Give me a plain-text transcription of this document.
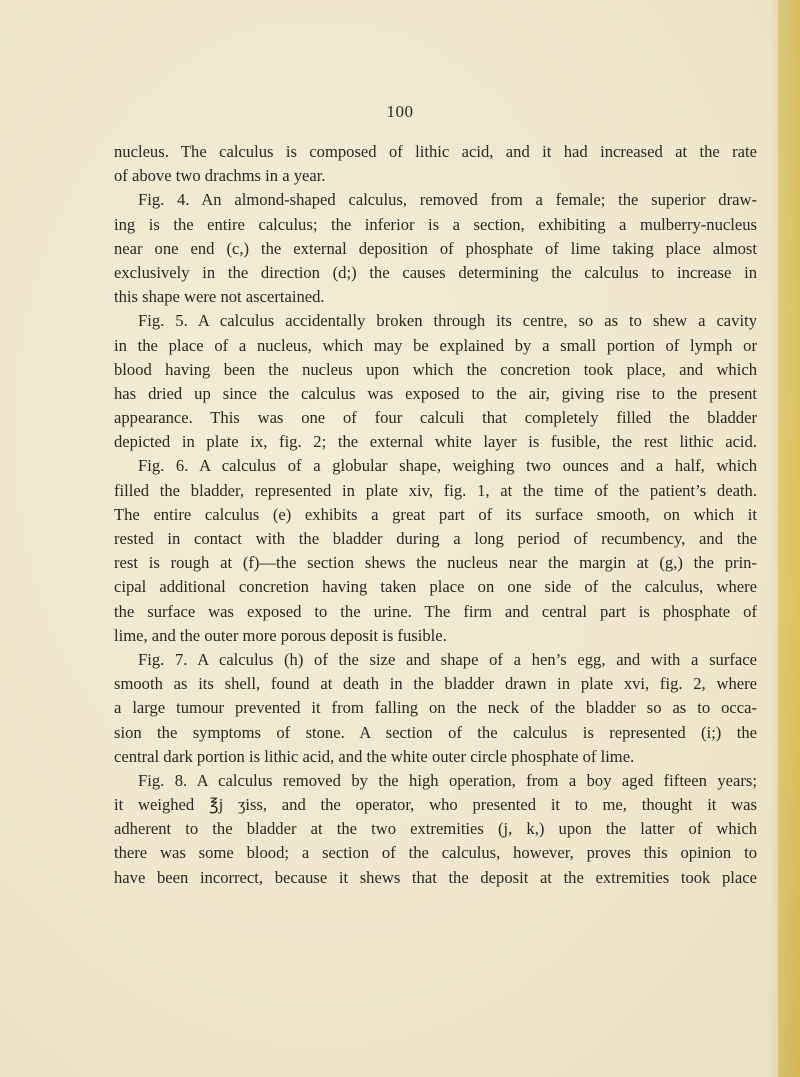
100
nucleus. The calculus is composed of lithic acid, and it had increased at the rate
of above two drachms in a year.
Fig. 4. An almond-shaped calculus, removed from a female; the superior draw-
ing is the entire calculus; the inferior is a section, exhibiting a mulberry-nucleus
near one end (c,) the external deposition of phosphate of lime taking place almost
exclusively in the direction (d;) the causes determining the calculus to increase in
this shape were not ascertained.
Fig. 5. A calculus accidentally broken through its centre, so as to shew a cavity
in the place of a nucleus, which may be explained by a small portion of lymph or
blood having been the nucleus upon which the concretion took place, and which
has dried up since the calculus was exposed to the air, giving rise to the present
appearance. This was one of four calculi that completely filled the bladder
depicted in plate ix, fig. 2; the external white layer is fusible, the rest lithic acid.
Fig. 6. A calculus of a globular shape, weighing two ounces and a half, which
filled the bladder, represented in plate xiv, fig. 1, at the time of the patient’s death.
The entire calculus (e) exhibits a great part of its surface smooth, on which it
rested in contact with the bladder during a long period of recumbency, and the
rest is rough at (f)—the section shews the nucleus near the margin at (g,) the prin-
cipal additional concretion having taken place on one side of the calculus, where
the surface was exposed to the urine. The firm and central part is phosphate of
lime, and the outer more porous deposit is fusible.
Fig. 7. A calculus (h) of the size and shape of a hen’s egg, and with a surface
smooth as its shell, found at death in the bladder drawn in plate xvi, fig. 2, where
a large tumour prevented it from falling on the neck of the bladder so as to occa-
sion the symptoms of stone. A section of the calculus is represented (i;) the
central dark portion is lithic acid, and the white outer circle phosphate of lime.
Fig. 8. A calculus removed by the high operation, from a boy aged fifteen years;
it weighed ℥j ʒiss, and the operator, who presented it to me, thought it was
adherent to the bladder at the two extremities (j, k,) upon the latter of which
there was some blood; a section of the calculus, however, proves this opinion to
have been incorrect, because it shews that the deposit at the extremities took place
